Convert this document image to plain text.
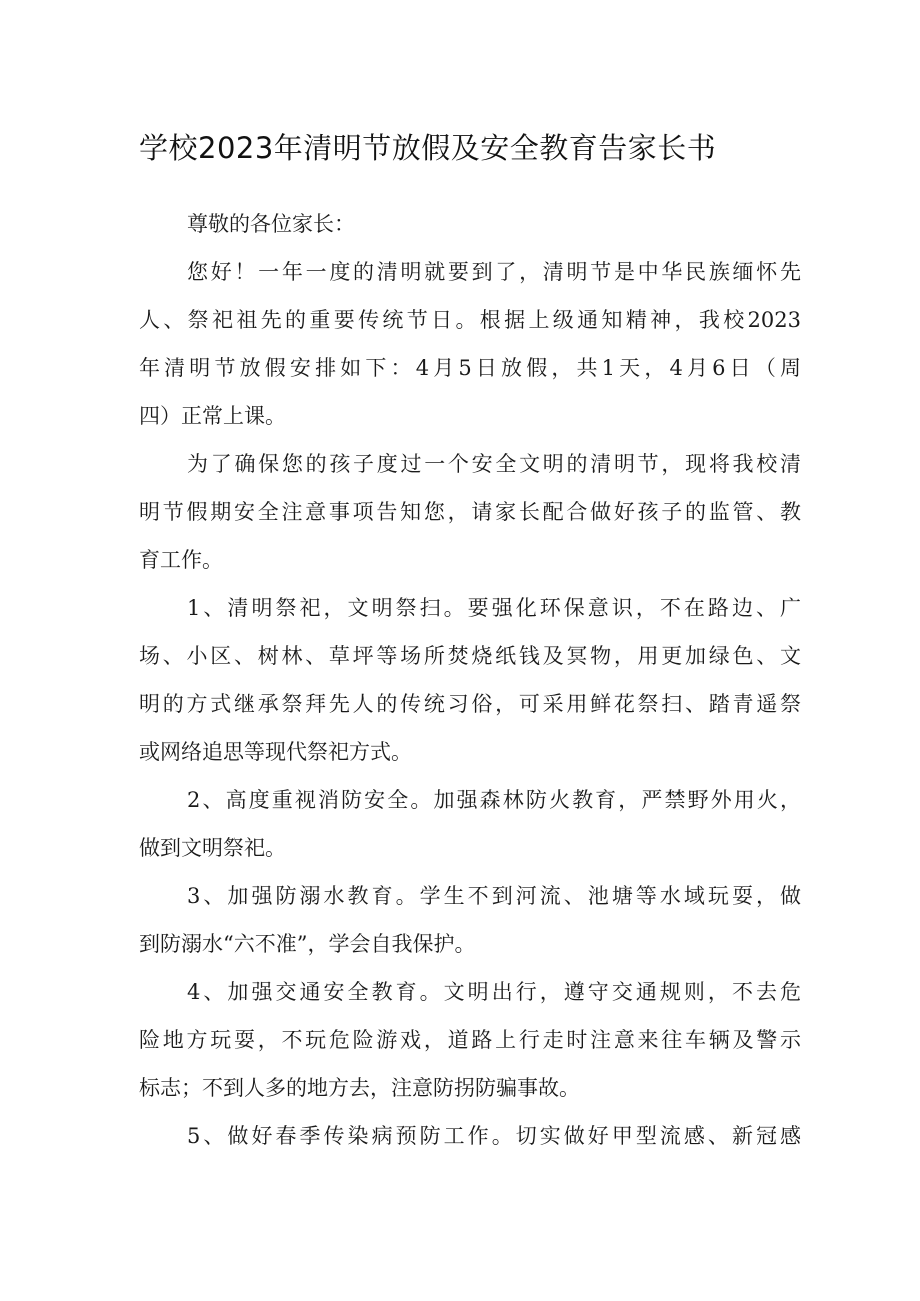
学校2023年清明节放假及安全教育告家长书
尊敬的各位家长：
您好！一年一度的清明就要到了，清明节是中华民族缅怀先
人、祭祀祖先的重要传统节日。根据上级通知精神，我校2023
年清明节放假安排如下：4月5日放假，共1天，4月6日（周
四）正常上课。
为了确保您的孩子度过一个安全文明的清明节，现将我校清
明节假期安全注意事项告知您，请家长配合做好孩子的监管、教
育工作。
1、清明祭祀，文明祭扫。要强化环保意识，不在路边、广
场、小区、树林、草坪等场所焚烧纸钱及冥物，用更加绿色、文
明的方式继承祭拜先人的传统习俗，可采用鲜花祭扫、踏青遥祭
或网络追思等现代祭祀方式。
2、高度重视消防安全。加强森林防火教育，严禁野外用火，
做到文明祭祀。
3、加强防溺水教育。学生不到河流、池塘等水域玩耍，做
到防溺水“六不准”，学会自我保护。
4、加强交通安全教育。文明出行，遵守交通规则，不去危
险地方玩耍，不玩危险游戏，道路上行走时注意来往车辆及警示
标志；不到人多的地方去，注意防拐防骗事故。
5、做好春季传染病预防工作。切实做好甲型流感、新冠感
